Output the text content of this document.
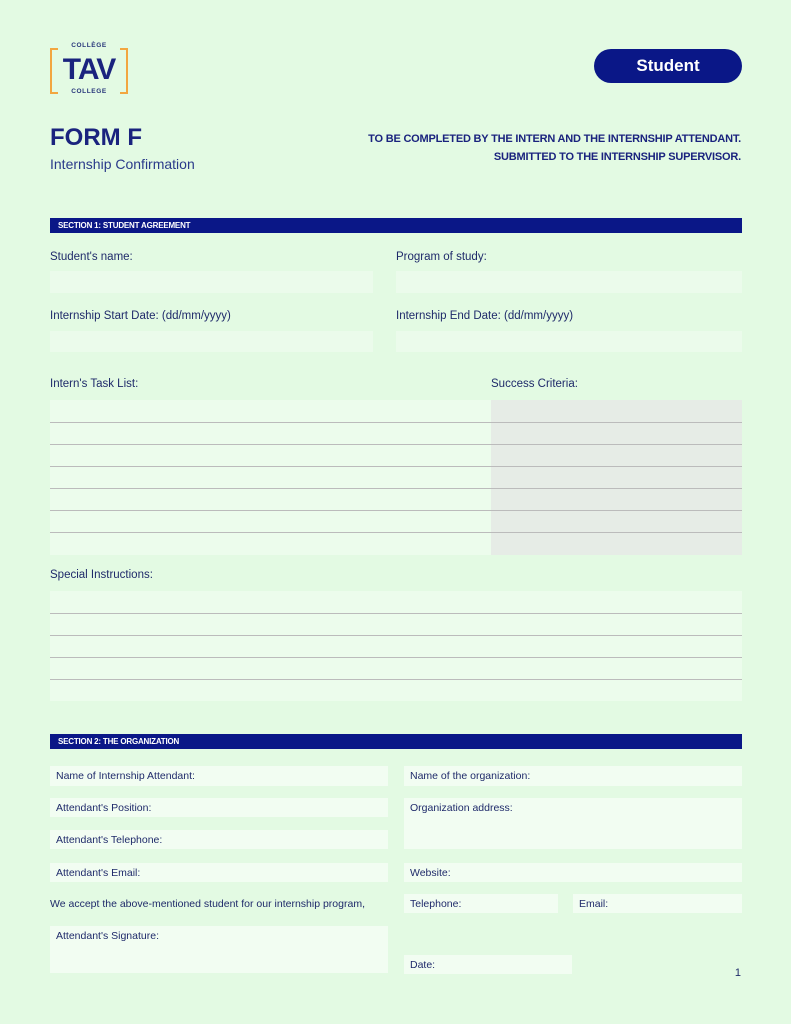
COLLÈGE
TAV
COLLEGE
Student
FORM F
Internship Confirmation
TO BE COMPLETED BY THE INTERN AND THE INTERNSHIP ATTENDANT.
SUBMITTED TO THE INTERNSHIP SUPERVISOR.
SECTION 1: STUDENT AGREEMENT
Student's name:	Program of study:
Internship Start Date: (dd/mm/yyyy)	Internship End Date: (dd/mm/yyyy)
Intern's Task List:	Success Criteria:
Special Instructions:
SECTION 2: THE ORGANIZATION
Name of Internship Attendant:	Name of the organization:
Attendant's Position:	Organization address:
Attendant's Telephone:
Attendant's Email:	Website:
We accept the above-mentioned student for our internship program,	Telephone:	Email:
Attendant's Signature:
Date:
1
